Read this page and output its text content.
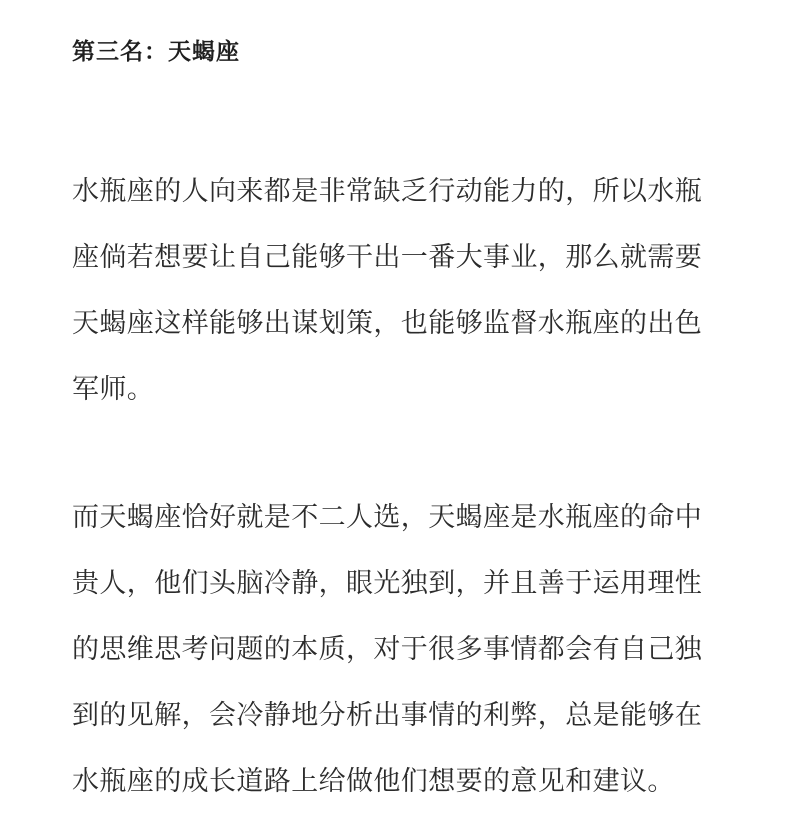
第三名：天蝎座

水瓶座的人向来都是非常缺乏行动能力的，所以水瓶
座倘若想要让自己能够干出一番大事业，那么就需要
天蝎座这样能够出谋划策，也能够监督水瓶座的出色
军师。

而天蝎座恰好就是不二人选，天蝎座是水瓶座的命中
贵人，他们头脑冷静，眼光独到，并且善于运用理性
的思维思考问题的本质，对于很多事情都会有自己独
到的见解，会冷静地分析出事情的利弊，总是能够在
水瓶座的成长道路上给做他们想要的意见和建议。
